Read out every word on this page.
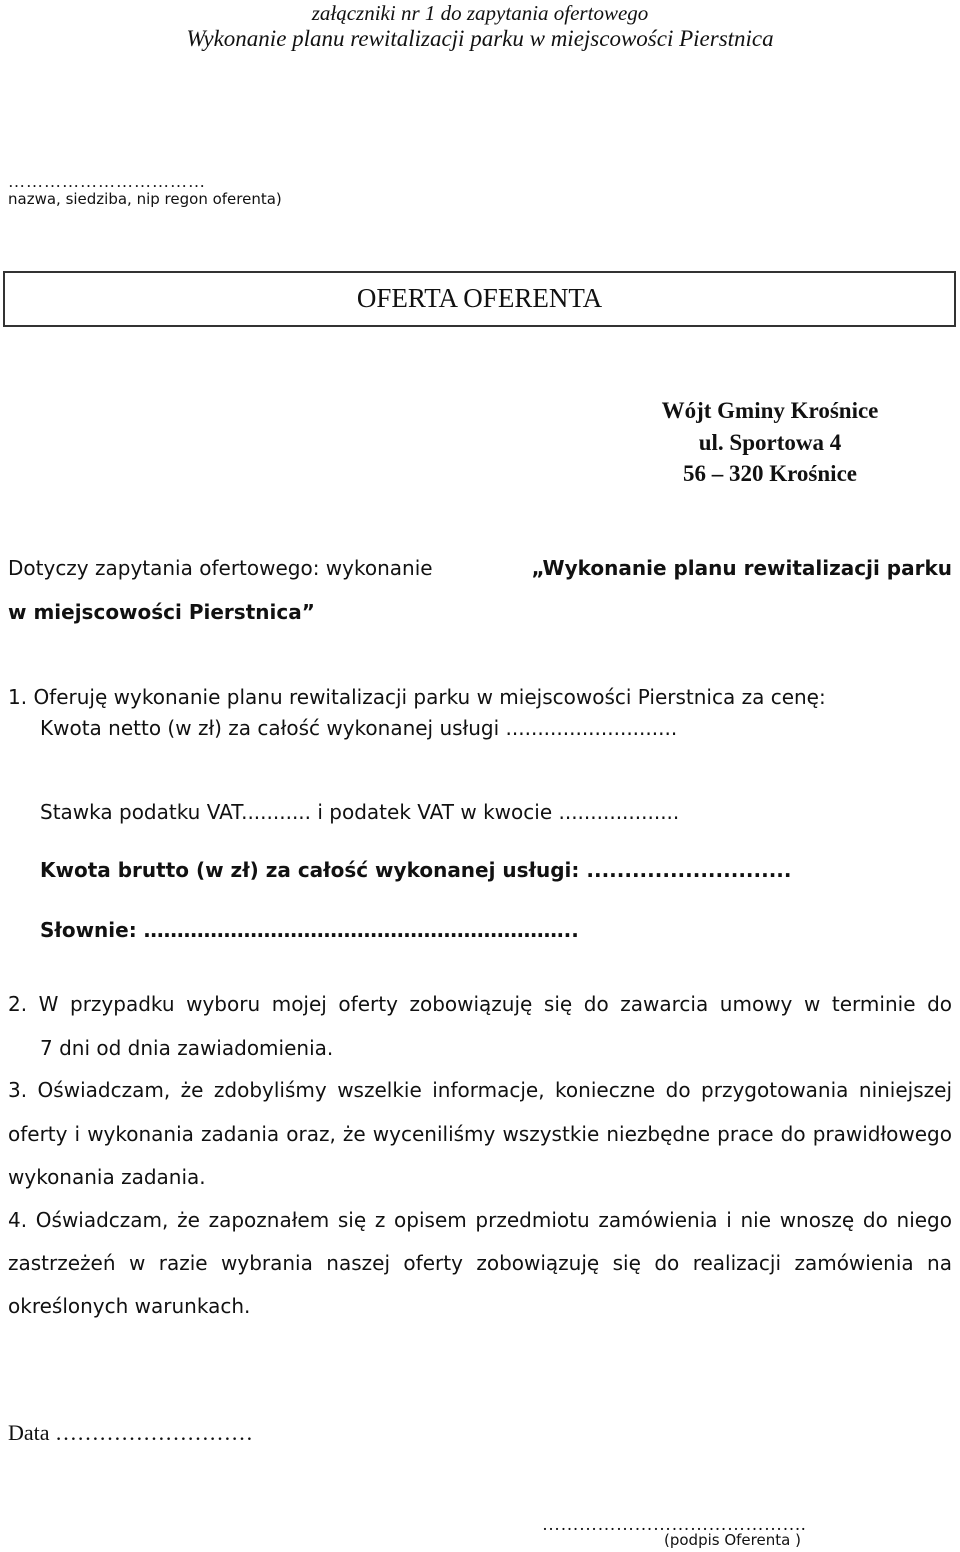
załączniki nr 1 do zapytania ofertowego
Wykonanie planu rewitalizacji parku w miejscowości Pierstnica
……………………………
nazwa, siedziba, nip regon oferenta)
OFERTA OFERENTA
Wójt Gminy Krośnice
ul. Sportowa 4
56 – 320 Krośnice
Dotyczy zapytania ofertowego: wykonanie	„Wykonanie planu rewitalizacji parku
w miejscowości Pierstnica”
1. Oferuję wykonanie planu rewitalizacji parku w miejscowości Pierstnica za cenę:
Kwota netto (w zł) za całość wykonanej usługi ...........................
Stawka podatku VAT........... i podatek VAT w kwocie ...................
Kwota brutto (w zł) za całość wykonanej usługi: ...........................
Słownie: ………………………………………………………..
2. W przypadku wyboru mojej oferty zobowiązuję się do zawarcia umowy w terminie do
7 dni od dnia zawiadomienia.
3. Oświadczam, że zdobyliśmy wszelkie informacje, konieczne do przygotowania niniejszej
oferty i wykonania zadania oraz, że wyceniliśmy wszystkie niezbędne prace do prawidłowego
wykonania zadania.
4. Oświadczam, że zapoznałem się z opisem przedmiotu zamówienia i nie wnoszę do niego
zastrzeżeń w razie wybrania naszej oferty zobowiązuję się do realizacji zamówienia na
określonych warunkach.
Data ………………………
…………………………………….
(podpis Oferenta )
